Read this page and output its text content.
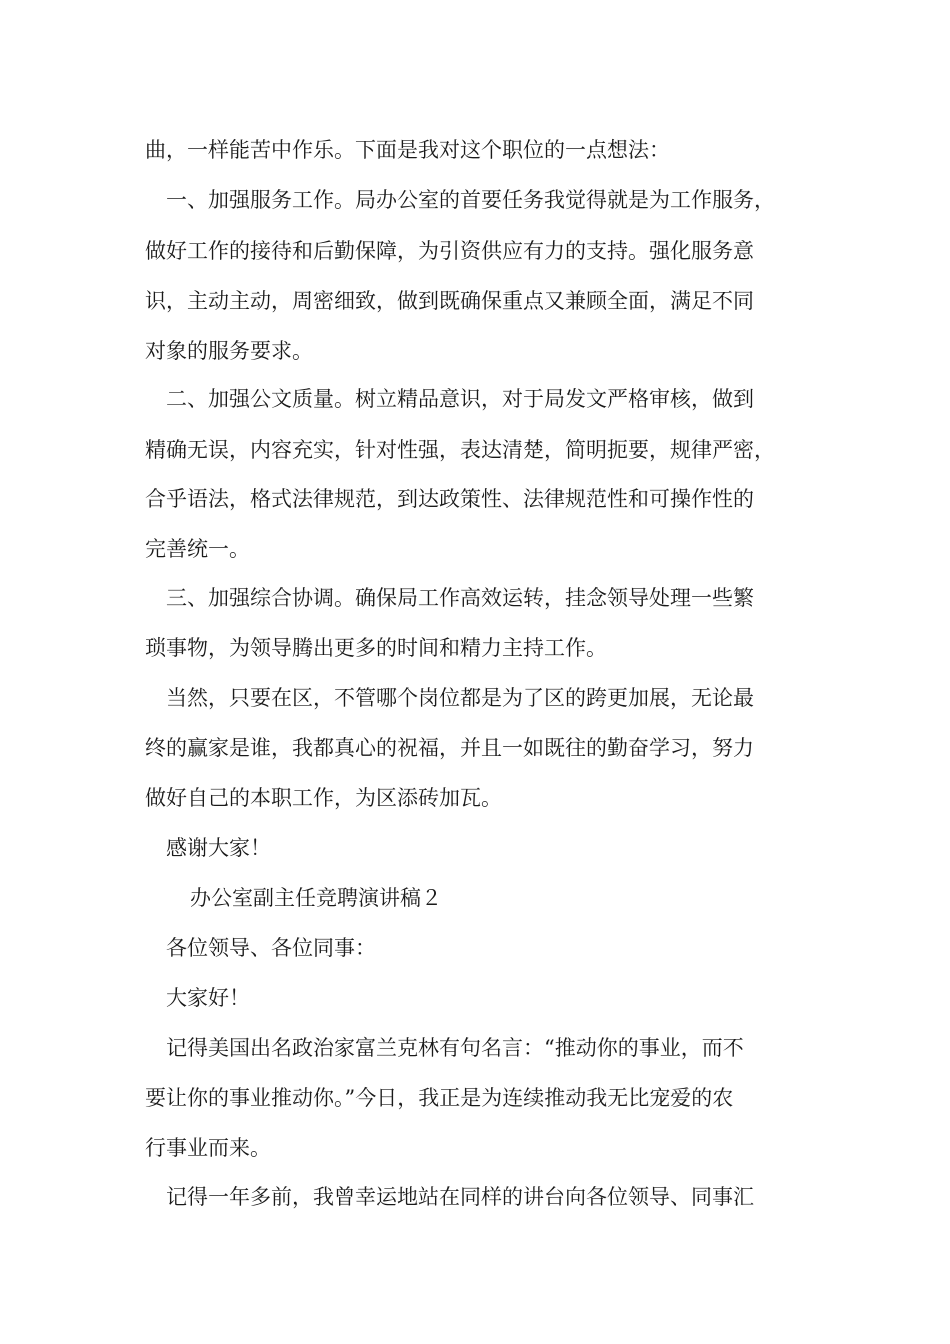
曲，一样能苦中作乐。下面是我对这个职位的一点想法：
一、加强服务工作。局办公室的首要任务我觉得就是为工作服务，
做好工作的接待和后勤保障，为引资供应有力的支持。强化服务意
识，主动主动，周密细致，做到既确保重点又兼顾全面，满足不同
对象的服务要求。
二、加强公文质量。树立精品意识，对于局发文严格审核，做到
精确无误，内容充实，针对性强，表达清楚，简明扼要，规律严密，
合乎语法，格式法律规范，到达政策性、法律规范性和可操作性的
完善统一。
三、加强综合协调。确保局工作高效运转，挂念领导处理一些繁
琐事物，为领导腾出更多的时间和精力主持工作。
当然，只要在区，不管哪个岗位都是为了区的跨更加展，无论最
终的赢家是谁，我都真心的祝福，并且一如既往的勤奋学习，努力
做好自己的本职工作，为区添砖加瓦。
感谢大家！
办公室副主任竞聘演讲稿２
各位领导、各位同事：
大家好！
记得美国出名政治家富兰克林有句名言：“推动你的事业，而不
要让你的事业推动你。”今日，我正是为连续推动我无比宠爱的农
行事业而来。
记得一年多前，我曾幸运地站在同样的讲台向各位领导、同事汇
